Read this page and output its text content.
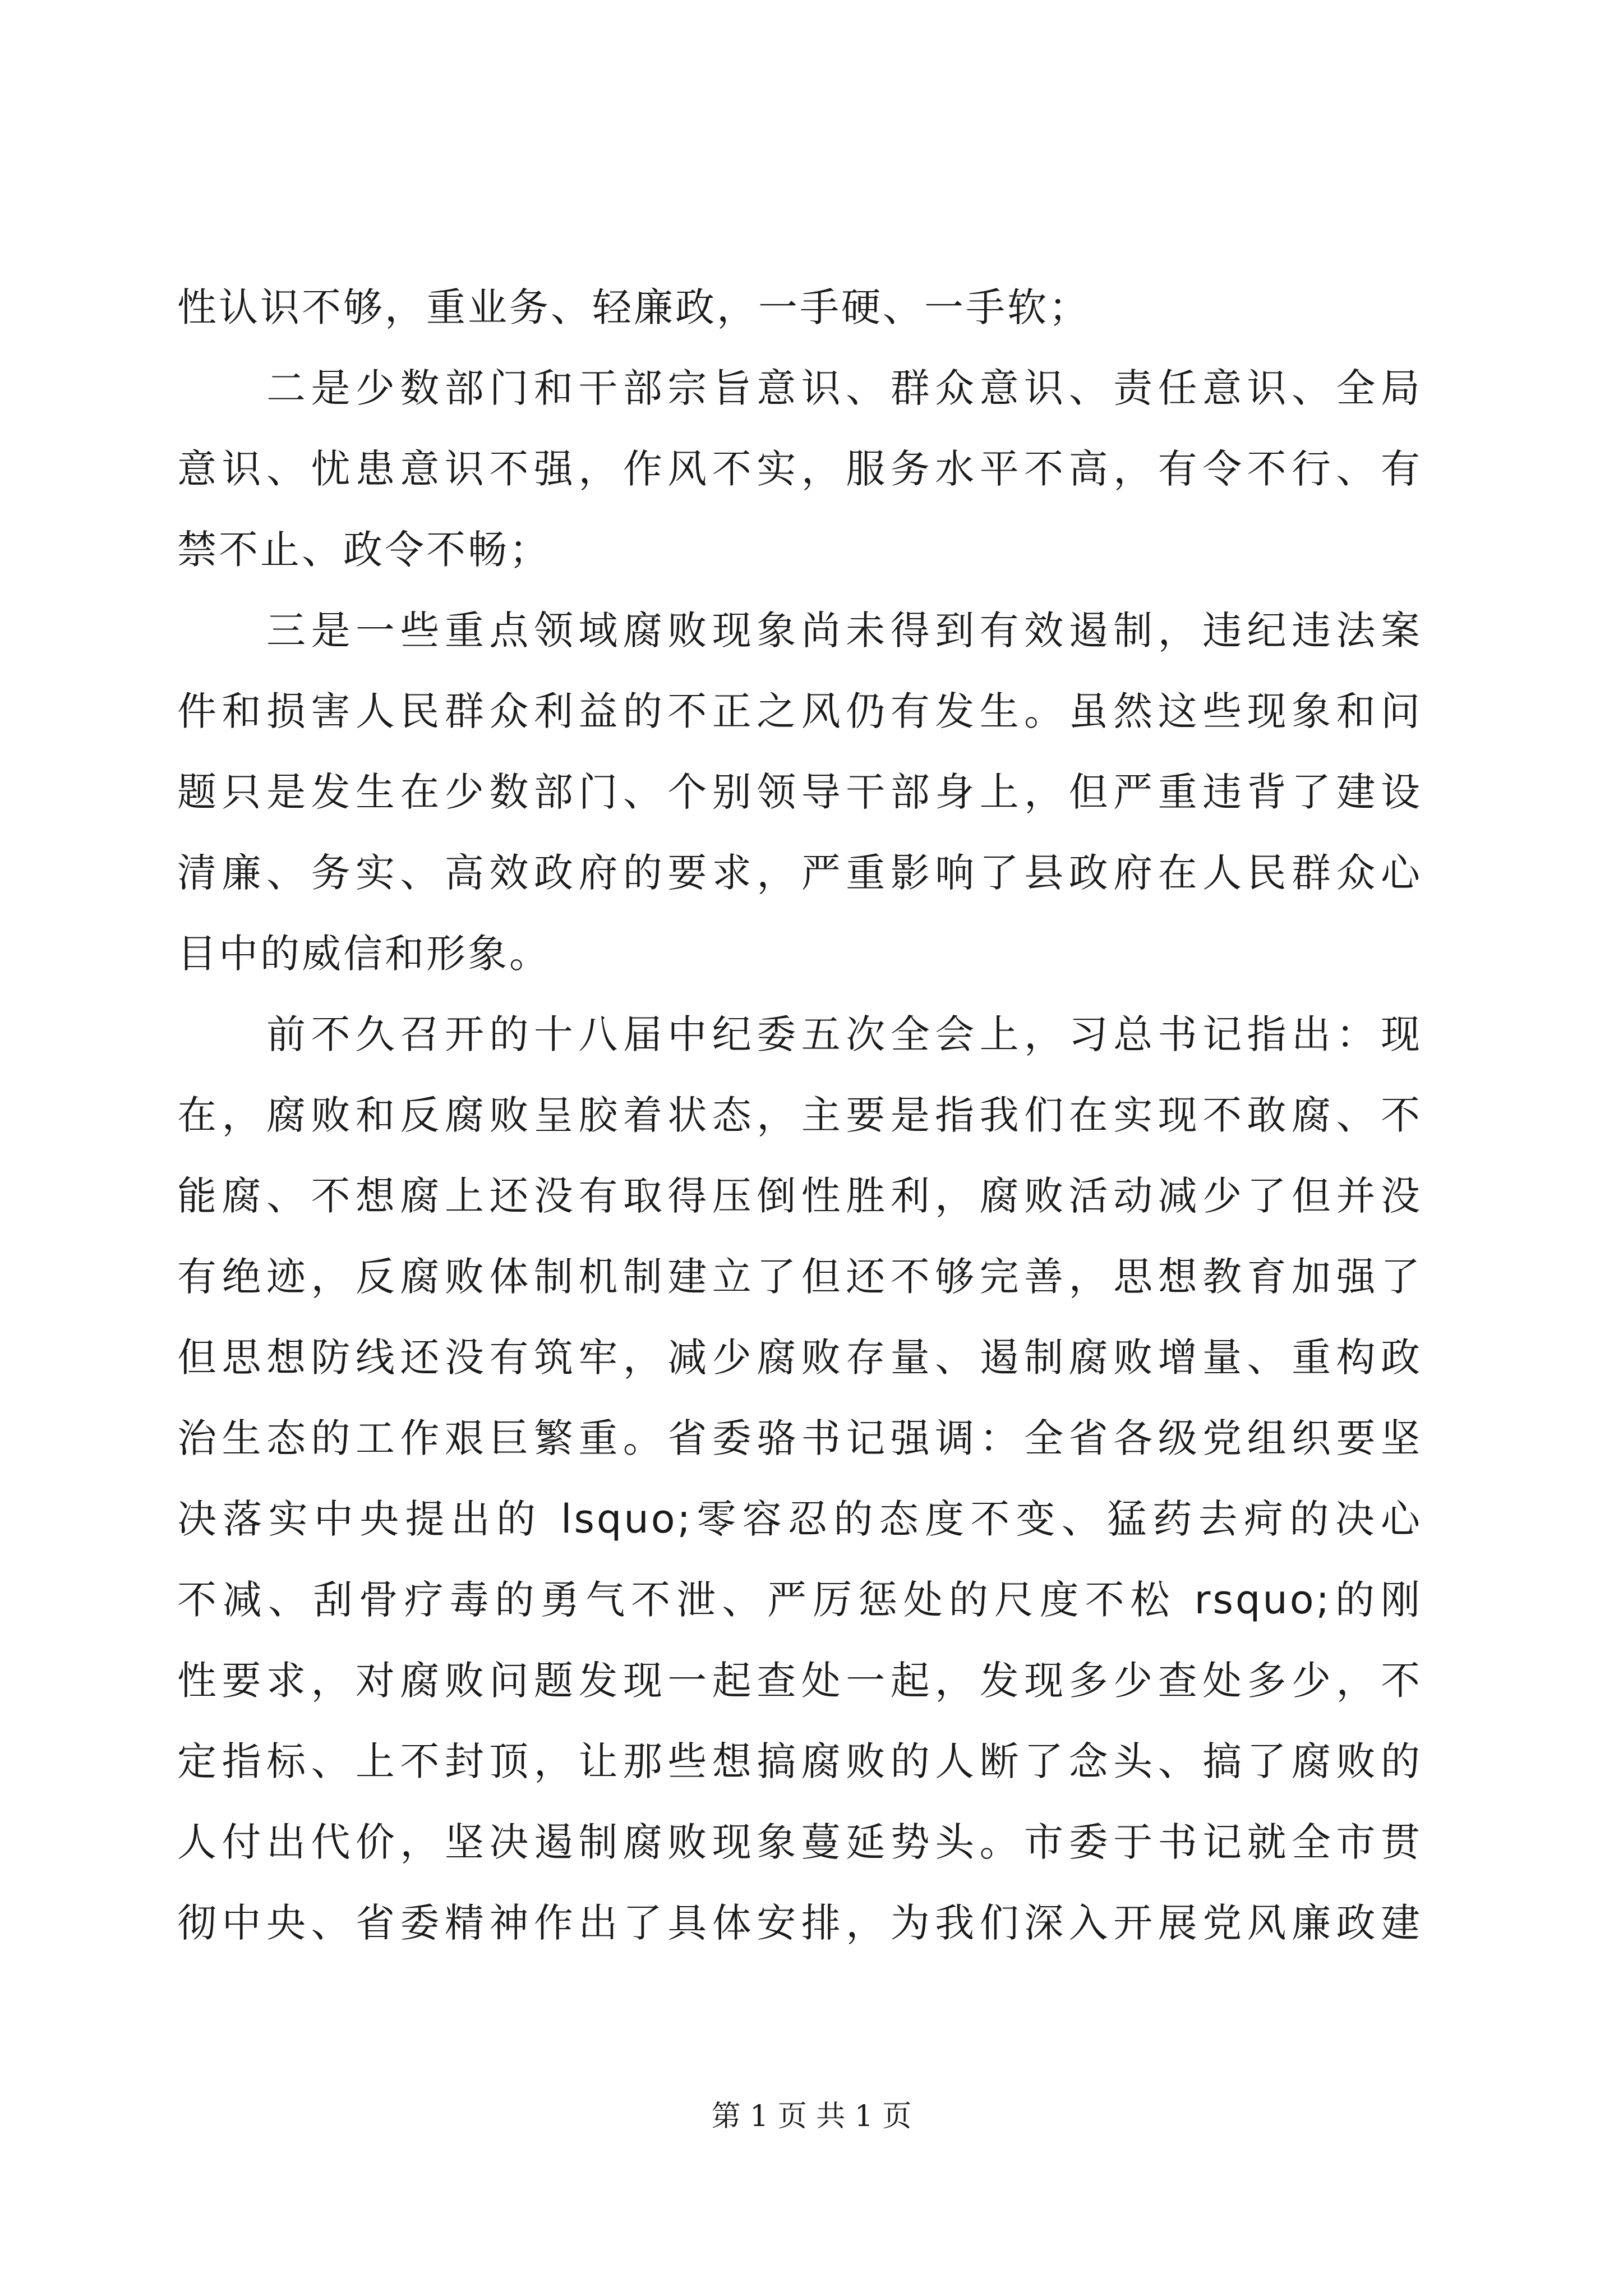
性认识不够，重业务、轻廉政，一手硬、一手软；
　　二是少数部门和干部宗旨意识、群众意识、责任意识、全局
意识、忧患意识不强，作风不实，服务水平不高，有令不行、有
禁不止、政令不畅；
　　三是一些重点领域腐败现象尚未得到有效遏制，违纪违法案
件和损害人民群众利益的不正之风仍有发生。虽然这些现象和问
题只是发生在少数部门、个别领导干部身上，但严重违背了建设
清廉、务实、高效政府的要求，严重影响了县政府在人民群众心
目中的威信和形象。
　　前不久召开的十八届中纪委五次全会上，习总书记指出：现
在，腐败和反腐败呈胶着状态，主要是指我们在实现不敢腐、不
能腐、不想腐上还没有取得压倒性胜利，腐败活动减少了但并没
有绝迹，反腐败体制机制建立了但还不够完善，思想教育加强了
但思想防线还没有筑牢，减少腐败存量、遏制腐败增量、重构政
治生态的工作艰巨繁重。省委骆书记强调：全省各级党组织要坚
决落实中央提出的 lsquo;零容忍的态度不变、猛药去疴的决心
不减、刮骨疗毒的勇气不泄、严厉惩处的尺度不松 rsquo;的刚
性要求，对腐败问题发现一起查处一起，发现多少查处多少，不
定指标、上不封顶，让那些想搞腐败的人断了念头、搞了腐败的
人付出代价，坚决遏制腐败现象蔓延势头。市委于书记就全市贯
彻中央、省委精神作出了具体安排，为我们深入开展党风廉政建
第 1 页 共 1 页
